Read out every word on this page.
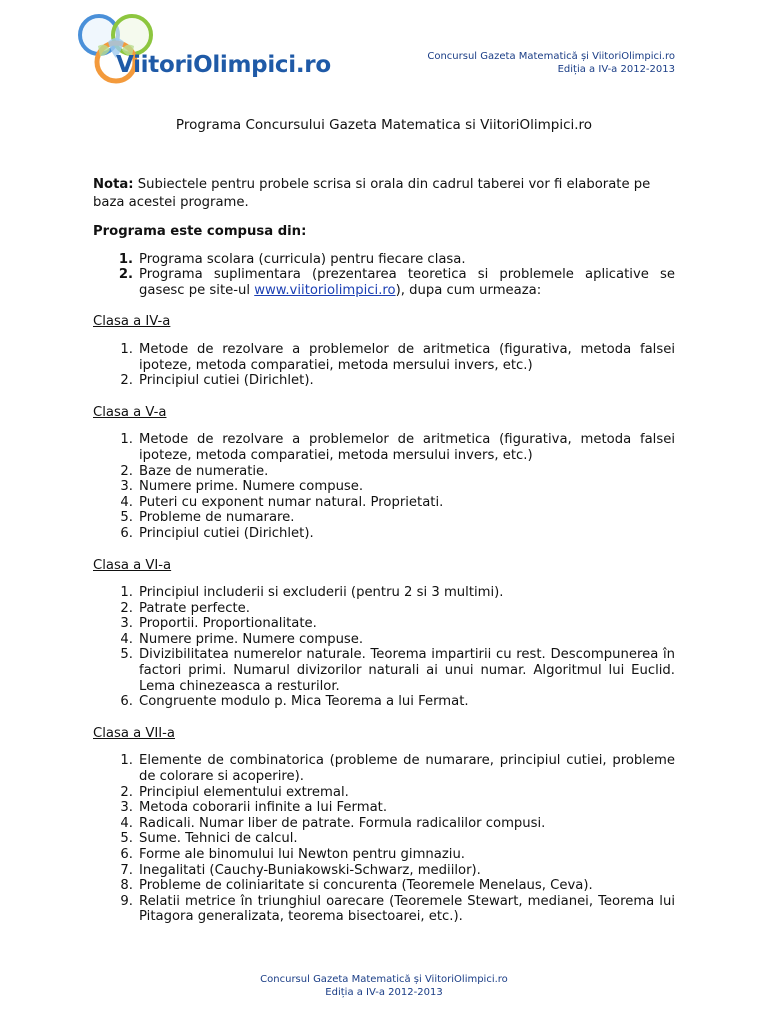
ViitoriOlimpici.ro	Concursul Gazeta Matematică și ViitoriOlimpici.ro
Ediția a IV-a 2012-2013
Programa Concursului Gazeta Matematica si ViitoriOlimpici.ro
Nota: Subiectele pentru probele scrisa si orala din cadrul taberei vor fi elaborate pe baza acestei programe.
Programa este compusa din:
1. Programa scolara (curricula) pentru fiecare clasa.
2. Programa suplimentara (prezentarea teoretica si problemele aplicative se gasesc pe site-ul www.viitoriolimpici.ro), dupa cum urmeaza:
Clasa a IV-a
1. Metode de rezolvare a problemelor de aritmetica (figurativa, metoda falsei ipoteze, metoda comparatiei, metoda mersului invers, etc.)
2. Principiul cutiei (Dirichlet).
Clasa a V-a
1. Metode de rezolvare a problemelor de aritmetica (figurativa, metoda falsei ipoteze, metoda comparatiei, metoda mersului invers, etc.)
2. Baze de numeratie.
3. Numere prime. Numere compuse.
4. Puteri cu exponent numar natural. Proprietati.
5. Probleme de numarare.
6. Principiul cutiei (Dirichlet).
Clasa a VI-a
1. Principiul includerii si excluderii (pentru 2 si 3 multimi).
2. Patrate perfecte.
3. Proportii. Proportionalitate.
4. Numere prime. Numere compuse.
5. Divizibilitatea numerelor naturale. Teorema impartirii cu rest. Descompunerea în factori primi. Numarul divizorilor naturali ai unui numar. Algoritmul lui Euclid. Lema chinezeasca a resturilor.
6. Congruente modulo p. Mica Teorema a lui Fermat.
Clasa a VII-a
1. Elemente de combinatorica (probleme de numarare, principiul cutiei, probleme de colorare si acoperire).
2. Principiul elementului extremal.
3. Metoda coborarii infinite a lui Fermat.
4. Radicali. Numar liber de patrate. Formula radicalilor compusi.
5. Sume. Tehnici de calcul.
6. Forme ale binomului lui Newton pentru gimnaziu.
7. Inegalitati (Cauchy-Buniakowski-Schwarz, mediilor).
8. Probleme de coliniaritate si concurenta (Teoremele Menelaus, Ceva).
9. Relatii metrice în triunghiul oarecare (Teoremele Stewart, medianei, Teorema lui Pitagora generalizata, teorema bisectoarei, etc.).
Concursul Gazeta Matematică și ViitoriOlimpici.ro
Ediția a IV-a 2012-2013
